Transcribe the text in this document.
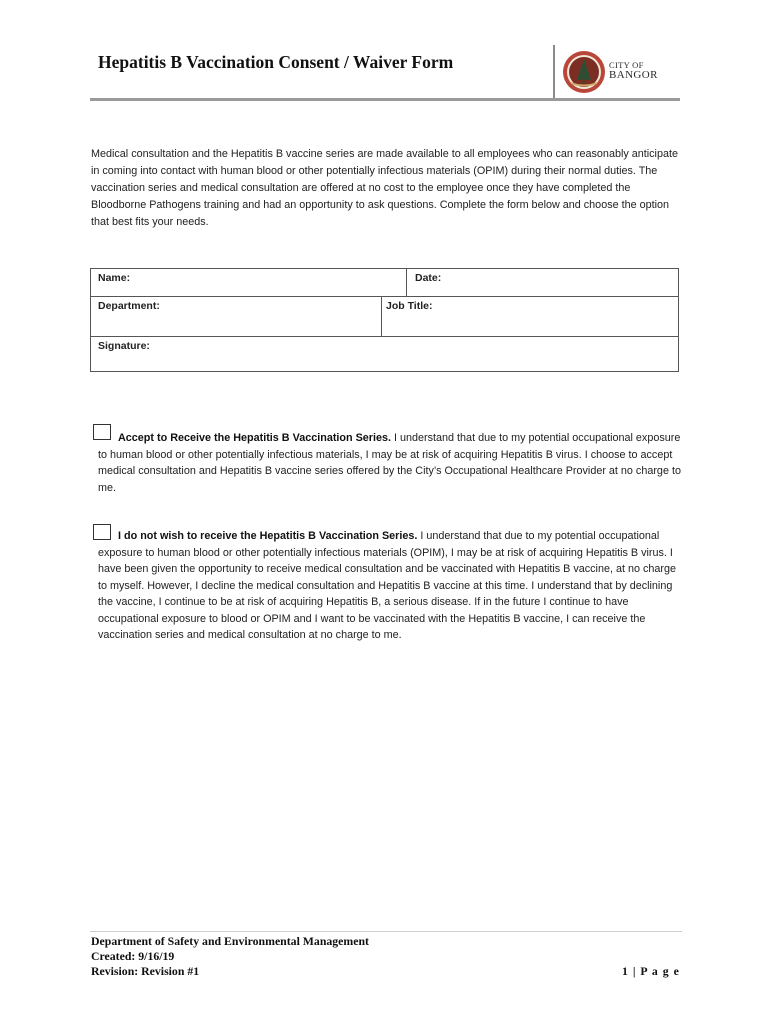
Hepatitis B Vaccination Consent / Waiver Form	CITY OF
BANGOR
Medical consultation and the Hepatitis B vaccine series are made available to all employees who can reasonably anticipate in coming into contact with human blood or other potentially infectious materials (OPIM) during their normal duties. The vaccination series and medical consultation are offered at no cost to the employee once they have completed the Bloodborne Pathogens training and had an opportunity to ask questions. Complete the form below and choose the option that best fits your needs.
Name:	Date:
Department:	Job Title:
Signature:
Accept to Receive the Hepatitis B Vaccination Series. I understand that due to my potential occupational exposure to human blood or other potentially infectious materials, I may be at risk of acquiring Hepatitis B virus. I choose to accept medical consultation and Hepatitis B vaccine series offered by the City’s Occupational Healthcare Provider at no charge to me.
I do not wish to receive the Hepatitis B Vaccination Series. I understand that due to my potential occupational exposure to human blood or other potentially infectious materials (OPIM), I may be at risk of acquiring Hepatitis B virus. I have been given the opportunity to receive medical consultation and be vaccinated with Hepatitis B vaccine, at no charge to myself. However, I decline the medical consultation and Hepatitis B vaccine at this time. I understand that by declining the vaccine, I continue to be at risk of acquiring Hepatitis B, a serious disease. If in the future I continue to have occupational exposure to blood or OPIM and I want to be vaccinated with the Hepatitis B vaccine, I can receive the vaccination series and medical consultation at no charge to me.
Department of Safety and Environmental Management
Created: 9/16/19
Revision: Revision #1	1 | P a g e
